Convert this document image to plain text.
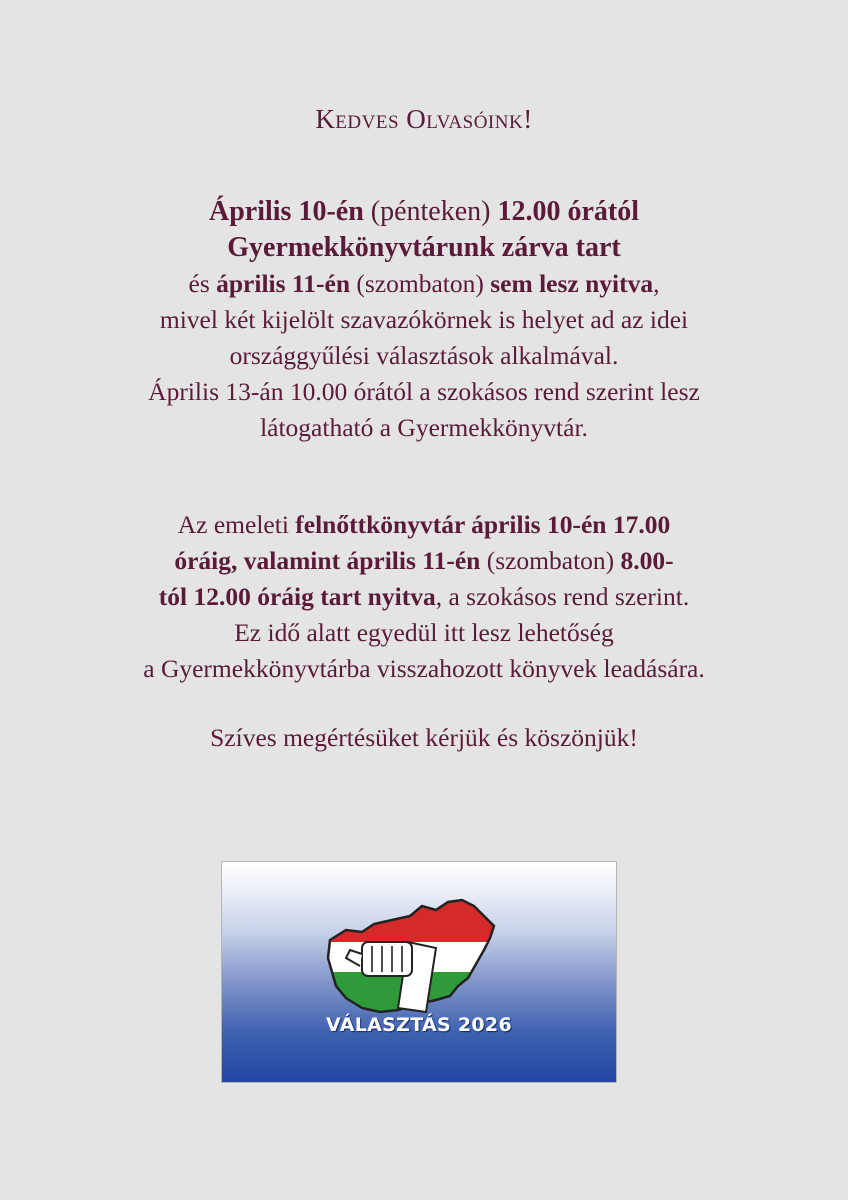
Kedves Olvasóink!
Április 10-én (pénteken) 12.00 órától
Gyermekkönyvtárunk zárva tart
és április 11-én (szombaton) sem lesz nyitva,
mivel két kijelölt szavazókörnek is helyet ad az idei
országgyűlési választások alkalmával.
Április 13-án 10.00 órától a szokásos rend szerint lesz
látogatható a Gyermekkönyvtár.
Az emeleti felnőttkönyvtár április 10-én 17.00
óráig, valamint április 11-én (szombaton) 8.00-
tól 12.00 óráig tart nyitva, a szokásos rend szerint.
Ez idő alatt egyedül itt lesz lehetőség
a Gyermekkönyvtárba visszahozott könyvek leadására.
Szíves megértésüket kérjük és köszönjük!
VÁLASZTÁS 2026
